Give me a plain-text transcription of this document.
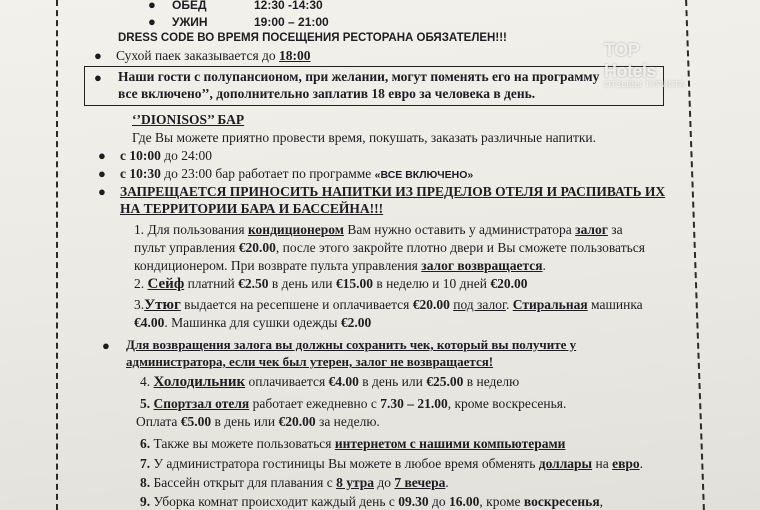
● ОБЕД	12:30 -14:30
● УЖИН	19:00 – 21:00
DRESS CODE ВО ВРЕМЯ ПОСЕЩЕНИЯ РЕСТОРАНА ОБЯЗАТЕЛЕН!!!
● Сухой паек заказывается до 18:00
● Наши гости с полупансионом, при желании, могут поменять его на программу
все включено’’, дополнительно заплатив 18 евро за человека в день.
TOP Hotels
ОТЗЫВЫ ТУРИСТА
‘’DIONISOS’’ БАР
Где Вы можете приятно провести время, покушать, заказать различные напитки.
● с 10:00 до 24:00
● с 10:30 до 23:00 бар работает по программе «ВСЕ ВКЛЮЧЕНО»
● ЗАПРЕЩАЕТСЯ ПРИНОСИТЬ НАПИТКИ ИЗ ПРЕДЕЛОВ ОТЕЛЯ И РАСПИВАТЬ ИХ
НА ТЕРРИТОРИИ БАРА И БАССЕЙНА!!!
1. Для пользования кондиционером Вам нужно оставить у администратора залог за
пульт управления €20.00, после этого закройте плотно двери и Вы сможете пользоваться
кондиционером. При возврате пульта управления залог возвращается.
2. Сейф платний €2.50 в день или €15.00 в неделю и 10 дней €20.00
3.Утюг выдается на ресепшене и оплачивается €20.00 под залог. Стиральная машинка
€4.00. Машинка для сушки одежды €2.00
● Для возвращения залога вы должны сохранить чек, который вы получите у
администратора, если чек был утерен, залог не возвращается!
4. Холодильник оплачивается €4.00 в день или €25.00 в неделю
5. Спортзал отеля работает ежедневно с 7.30 – 21.00, кроме воскресенья.
Оплата €5.00 в день или €20.00 за неделю.
6. Также вы можете пользоваться интернетом с нашими компьютерами
7. У администратора гостиницы Вы можете в любое время обменять доллары на евро.
8. Бассейн открыт для плавания с 8 утра до 7 вечера.
9. Уборка комнат происходит каждый день с 09.30 до 16.00, кроме воскресенья,
